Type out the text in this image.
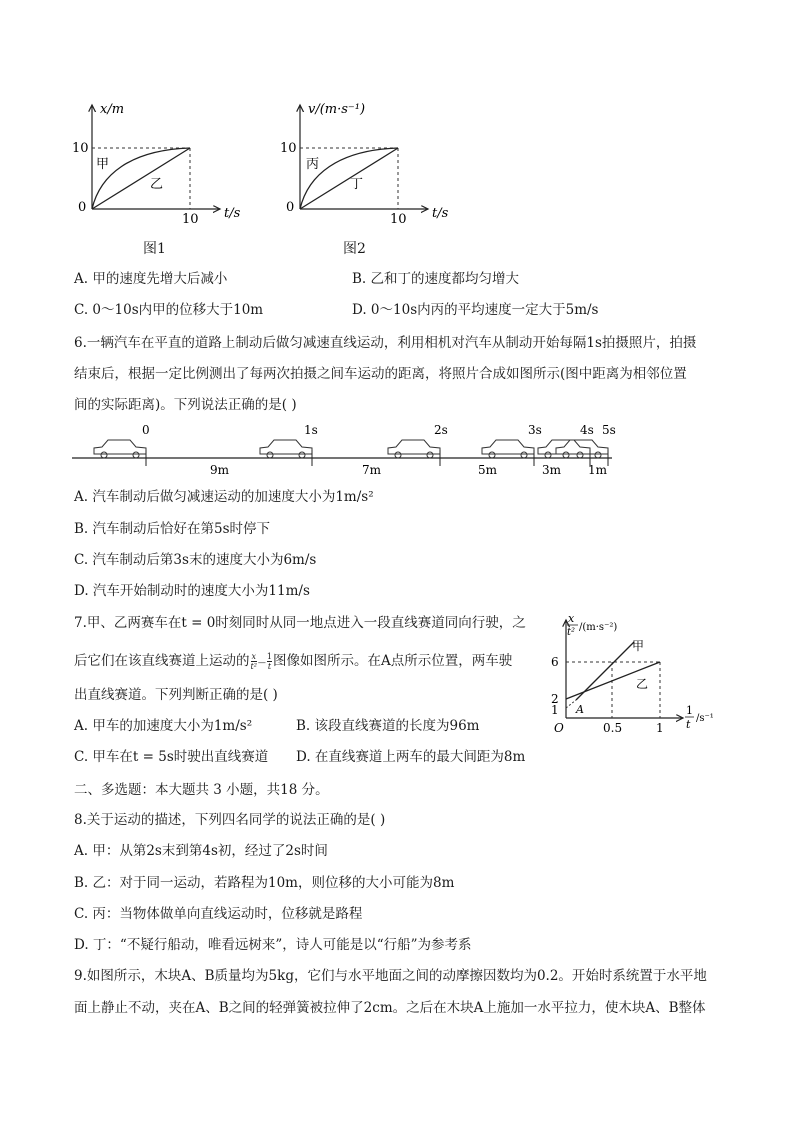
x/m
t/s
10
0
10
甲
乙
图1
v/(m·s⁻¹)
t/s
10
0
10
丙
丁
图2
A. 甲的速度先增大后减小	B. 乙和丁的速度都均匀增大
C. 0～10s内甲的位移大于10m	D. 0～10s内丙的平均速度一定大于5m/s
6.一辆汽车在平直的道路上制动后做匀减速直线运动，利用相机对汽车从制动开始每隔1s拍摄照片，拍摄
结束后，根据一定比例测出了每两次拍摄之间车运动的距离，将照片合成如图所示(图中距离为相邻位置
间的实际距离)。下列说法正确的是( )
0	1s	2s	3s	4s 5s
9m	7m	5m	3m 1m
A. 汽车制动后做匀减速运动的加速度大小为1m/s²
B. 汽车制动后恰好在第5s时停下
C. 汽车制动后第3s末的速度大小为6m/s
D. 汽车开始制动时的速度大小为11m/s
7.甲、乙两赛车在t = 0时刻同时从同一地点进入一段直线赛道同向行驶，之
后它们在该直线赛道上运动的 $\frac{x}{\text{t²}}$ — $\frac{1}{t}$ 图像如图所示。在A点所示位置，两车驶
出直线赛道。下列判断正确的是( )
A. 甲车的加速度大小为1m/s²	B. 该段直线赛道的长度为96m
C. 甲车在t = 5s时驶出直线赛道 D. 在直线赛道上两车的最大间距为8m
x
t² /(m·s⁻²)
1
t /s⁻¹
6
2
1
O	0.5	1
甲
乙
A
二、多选题：本大题共 3 小题，共18 分。
8.关于运动的描述，下列四名同学的说法正确的是( )
A. 甲：从第2s末到第4s初，经过了2s时间
B. 乙：对于同一运动，若路程为10m，则位移的大小可能为8m
C. 丙：当物体做单向直线运动时，位移就是路程
D. 丁：“不疑行船动，唯看远树来”，诗人可能是以“行船”为参考系
9.如图所示，木块A、B质量均为5kg，它们与水平地面之间的动摩擦因数均为0.2。开始时系统置于水平地
面上静止不动，夹在A、B之间的轻弹簧被拉伸了2cm。之后在木块A上施加一水平拉力，使木块A、B整体
